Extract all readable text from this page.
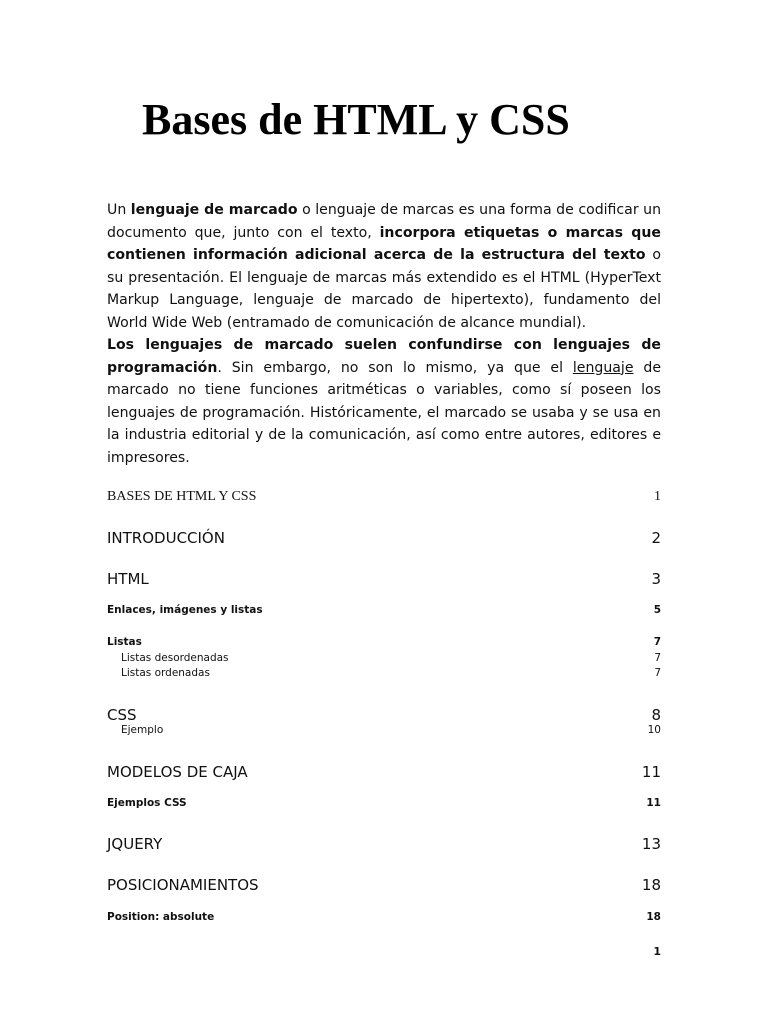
Bases de HTML y CSS

Un lenguaje de marcado o lenguaje de marcas es una forma de codificar un documento que, junto con el texto, incorpora etiquetas o marcas que contienen información adicional acerca de la estructura del texto o su presentación. El lenguaje de marcas más extendido es el HTML (HyperText Markup Language, lenguaje de marcado de hipertexto), fundamento del World Wide Web (entramado de comunicación de alcance mundial).

Los lenguajes de marcado suelen confundirse con lenguajes de programación. Sin embargo, no son lo mismo, ya que el lenguaje de marcado no tiene funciones aritméticas o variables, como sí poseen los lenguajes de programación. Históricamente, el marcado se usaba y se usa en la industria editorial y de la comunicación, así como entre autores, editores e impresores.

BASES DE HTML Y CSS	1
INTRODUCCIÓN	2
HTML	3
Enlaces, imágenes y listas	5
Listas	7
Listas desordenadas	7
Listas ordenadas	7
CSS	8
Ejemplo	10
MODELOS DE CAJA	11
Ejemplos CSS	11
JQUERY	13
POSICIONAMIENTOS	18
Position: absolute	18
1
